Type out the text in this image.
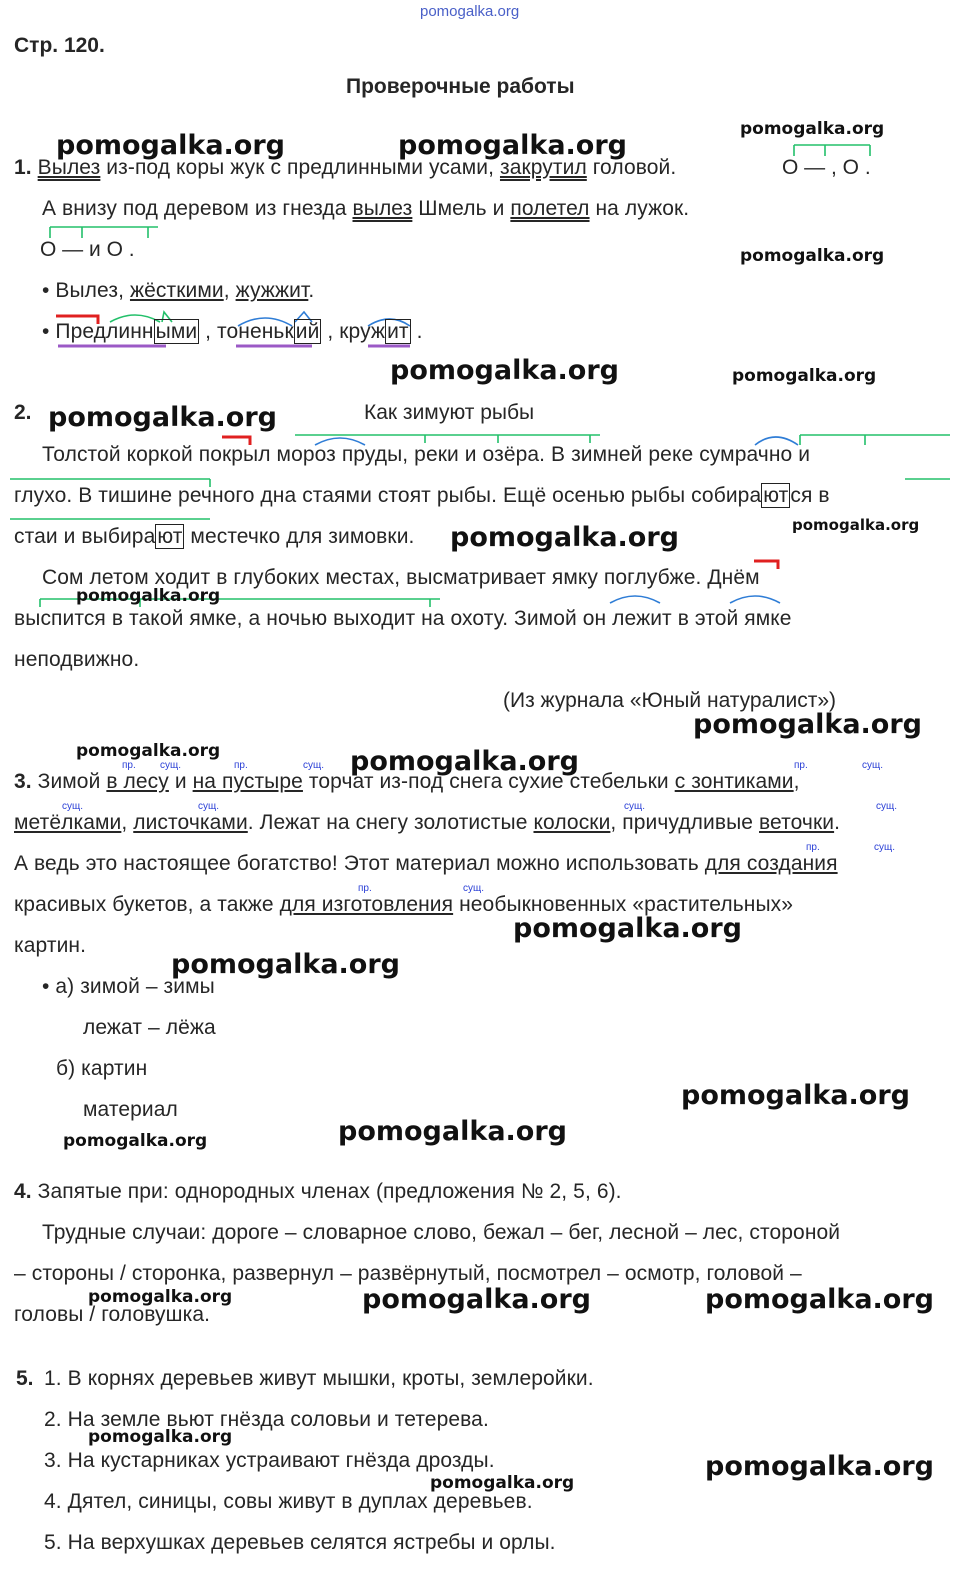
pomogalka.org
Стр. 120.
Проверочные работы
1. Вылез из-под коры жук с предлинными усами, закрутил головой.	О — , О .
А внизу под деревом из гнезда вылез Шмель и полетел на лужок.
О — и О .
• Вылез, жёсткими, жужжит.
• Предлинными , тоненький , кружит .
2.	Как зимуют рыбы
Толстой коркой покрыл мороз пруды, реки и озёра. В зимней реке сумрачно и
глухо. В тишине речного дна стаями стоят рыбы. Ещё осенью рыбы собираются в
стаи и выбирают местечко для зимовки.
Сом летом ходит в глубоких местах, высматривает ямку поглубже. Днём
выспится в такой ямке, а ночью выходит на охоту. Зимой он лежит в этой ямке
неподвижно.
(Из журнала «Юный натуралист»)
пр. сущ.	пр.	сущ.	пр.	сущ.
3. Зимой в лесу и на пустыре торчат из-под снега сухие стебельки с зонтиками,
сущ.	сущ.	сущ.	сущ.
метёлками, листочками. Лежат на снегу золотистые колоски, причудливые веточки.
пр.	сущ.
А ведь это настоящее богатство! Этот материал можно использовать для создания
пр.	сущ.
красивых букетов, а также для изготовления необыкновенных «растительных»
картин.
• а) зимой – зимы
лежат – лёжа
б) картин
материал
4. Запятые при: однородных членах (предложения № 2, 5, 6).
Трудные случаи: дороге – словарное слово, бежал – бег, лесной – лес, стороной
– стороны / сторонка, развернул – развёрнутый, посмотрел – осмотр, головой –
головы / головушка.
5. 1. В корнях деревьев живут мышки, кроты, землеройки.
2. На земле вьют гнёзда соловьи и тетерева.
3. На кустарниках устраивают гнёзда дрозды.
4. Дятел, синицы, совы живут в дуплах деревьев.
5. На верхушках деревьев селятся ястребы и орлы.
pomogalka.org	pomogalka.org
pomogalka.org
pomogalka.org
pomogalka.org	pomogalka.org
pomogalka.org
pomogalka.org
pomogalka.org
pomogalka.org
pomogalka.org
pomogalka.org	pomogalka.org
pomogalka.org
pomogalka.org
pomogalka.org
pomogalka.org	pomogalka.org
pomogalka.org	pomogalka.org	pomogalka.org
pomogalka.org
pomogalka.org
pomogalka.org
